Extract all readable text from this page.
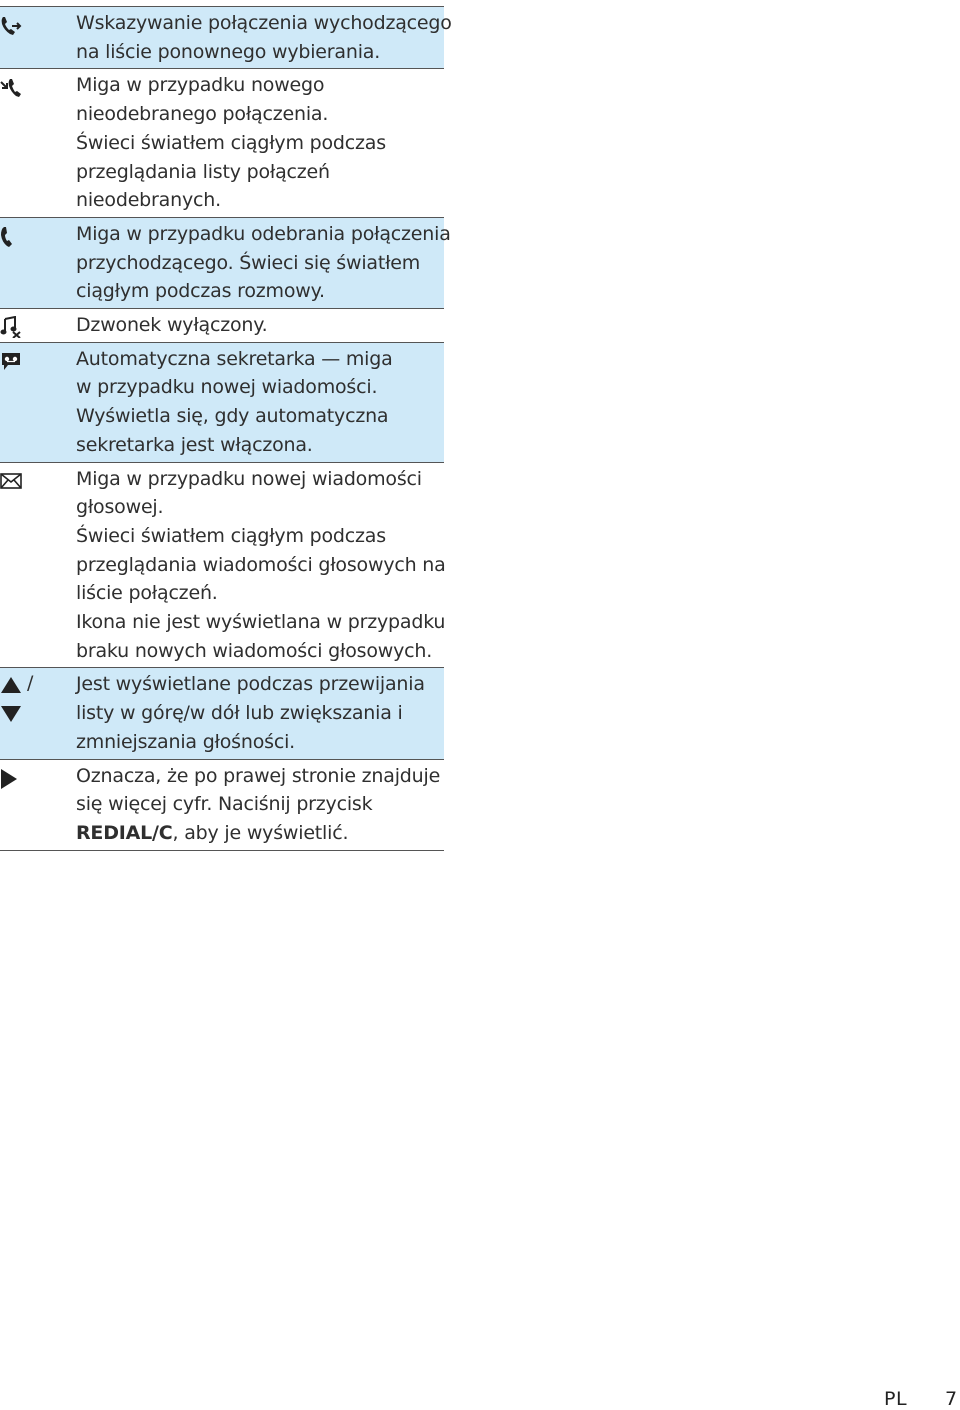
Wskazywanie połączenia wychodzącego
na liście ponownego wybierania.
Miga w przypadku nowego
nieodebranego połączenia.
Świeci światłem ciągłym podczas
przeglądania listy połączeń
nieodebranych.
Miga w przypadku odebrania połączenia
przychodzącego. Świeci się światłem
ciągłym podczas rozmowy.
Dzwonek wyłączony.
Automatyczna sekretarka — miga
w przypadku nowej wiadomości.
Wyświetla się, gdy automatyczna
sekretarka jest włączona.
Miga w przypadku nowej wiadomości
głosowej.
Świeci światłem ciągłym podczas
przeglądania wiadomości głosowych na
liście połączeń.
Ikona nie jest wyświetlana w przypadku
braku nowych wiadomości głosowych.
/ Jest wyświetlane podczas przewijania
listy w górę/w dół lub zwiększania i
zmniejszania głośności.
Oznacza, że po prawej stronie znajduje
się więcej cyfr. Naciśnij przycisk
REDIAL/C, aby je wyświetlić.
PL 7
